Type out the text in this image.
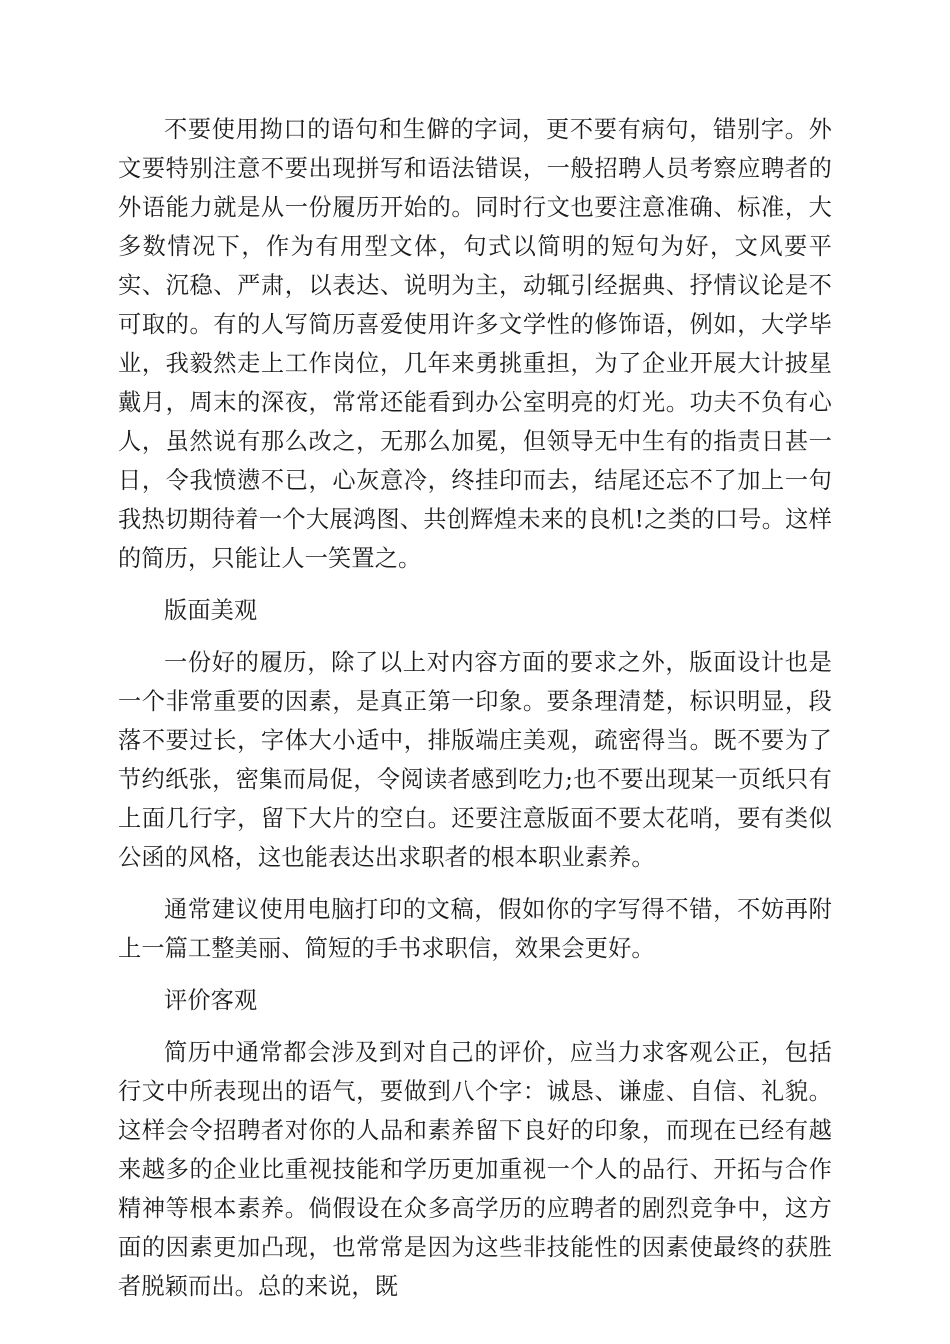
不要使用拗口的语句和生僻的字词，更不要有病句，错别字。外文要特别注意不要出现拼写和语法错误，一般招聘人员考察应聘者的外语能力就是从一份履历开始的。同时行文也要注意准确、标准，大多数情况下，作为有用型文体，句式以简明的短句为好，文风要平实、沉稳、严肃，以表达、说明为主，动辄引经据典、抒情议论是不可取的。有的人写简历喜爱使用许多文学性的修饰语，例如，大学毕业，我毅然走上工作岗位，几年来勇挑重担，为了企业开展大计披星戴月，周末的深夜，常常还能看到办公室明亮的灯光。功夫不负有心人，虽然说有那么改之，无那么加冕，但领导无中生有的指责日甚一日，令我愤懑不已，心灰意冷，终挂印而去，结尾还忘不了加上一句我热切期待着一个大展鸿图、共创辉煌未来的良机!之类的口号。这样的简历，只能让人一笑置之。

版面美观

一份好的履历，除了以上对内容方面的要求之外，版面设计也是一个非常重要的因素，是真正第一印象。要条理清楚，标识明显，段落不要过长，字体大小适中，排版端庄美观，疏密得当。既不要为了节约纸张，密集而局促，令阅读者感到吃力;也不要出现某一页纸只有上面几行字，留下大片的空白。还要注意版面不要太花哨，要有类似公函的风格，这也能表达出求职者的根本职业素养。

通常建议使用电脑打印的文稿，假如你的字写得不错，不妨再附上一篇工整美丽、简短的手书求职信，效果会更好。

评价客观

简历中通常都会涉及到对自己的评价，应当力求客观公正，包括行文中所表现出的语气，要做到八个字：诚恳、谦虚、自信、礼貌。这样会令招聘者对你的人品和素养留下良好的印象，而现在已经有越来越多的企业比重视技能和学历更加重视一个人的品行、开拓与合作精神等根本素养。倘假设在众多高学历的应聘者的剧烈竞争中，这方面的因素更加凸现，也常常是因为这些非技能性的因素使最终的获胜者脱颖而出。总的来说，既
